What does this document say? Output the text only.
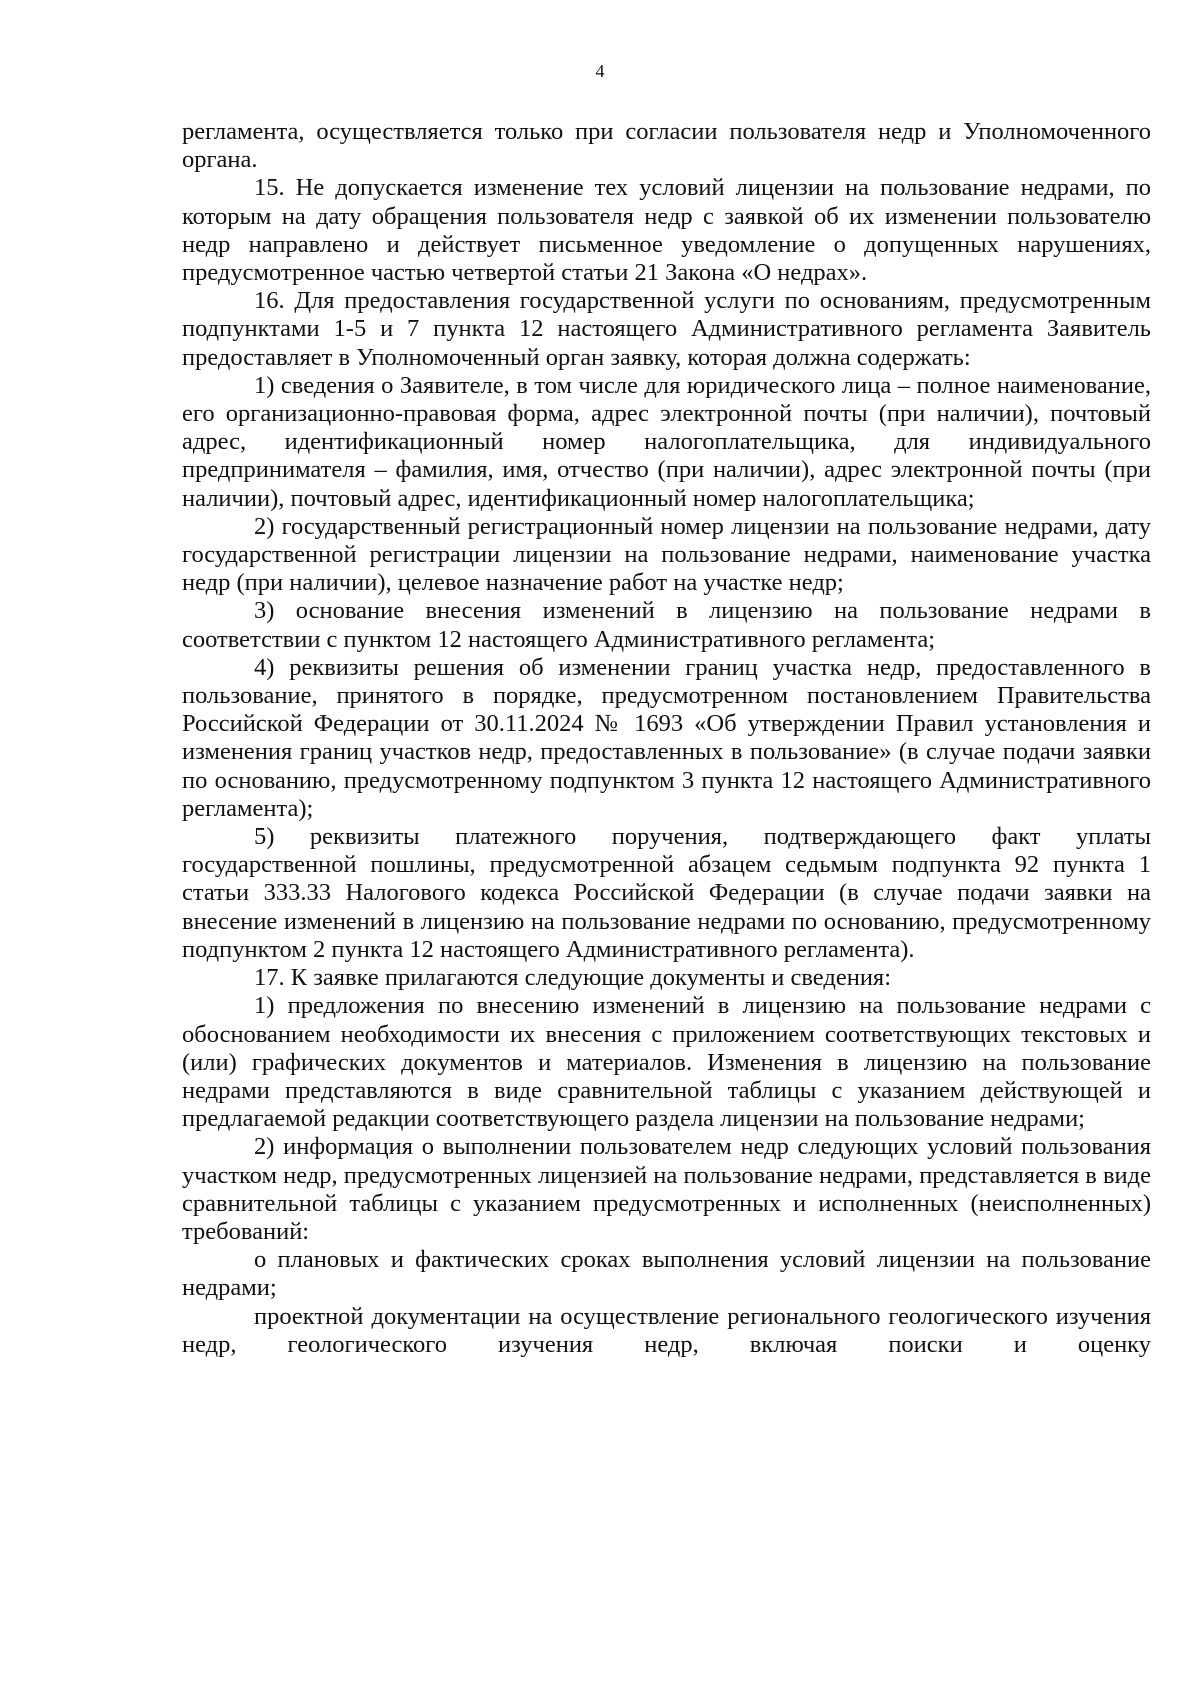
4

регламента, осуществляется только при согласии пользователя недр и Уполномоченного органа.

15. Не допускается изменение тех условий лицензии на пользование недрами, по которым на дату обращения пользователя недр с заявкой об их изменении пользователю недр направлено и действует письменное уведомление о допущенных нарушениях, предусмотренное частью четвертой статьи 21 Закона «О недрах».

16. Для предоставления государственной услуги по основаниям, предусмотренным подпунктами 1-5 и 7 пункта 12 настоящего Административного регламента Заявитель предоставляет в Уполномоченный орган заявку, которая должна содержать:

1) сведения о Заявителе, в том числе для юридического лица – полное наименование, его организационно-правовая форма, адрес электронной почты (при наличии), почтовый адрес, идентификационный номер налогоплательщика, для индивидуального предпринимателя – фамилия, имя, отчество (при наличии), адрес электронной почты (при наличии), почтовый адрес, идентификационный номер налогоплательщика;

2) государственный регистрационный номер лицензии на пользование недрами, дату государственной регистрации лицензии на пользование недрами, наименование участка недр (при наличии), целевое назначение работ на участке недр;

3) основание внесения изменений в лицензию на пользование недрами в соответствии с пунктом 12 настоящего Административного регламента;

4) реквизиты решения об изменении границ участка недр, предоставленного в пользование, принятого в порядке, предусмотренном постановлением Правительства Российской Федерации от 30.11.2024 № 1693 «Об утверждении Правил установления и изменения границ участков недр, предоставленных в пользование» (в случае подачи заявки по основанию, предусмотренному подпунктом 3 пункта 12 настоящего Административного регламента);

5) реквизиты платежного поручения, подтверждающего факт уплаты государственной пошлины, предусмотренной абзацем седьмым подпункта 92 пункта 1 статьи 333.33 Налогового кодекса Российской Федерации (в случае подачи заявки на внесение изменений в лицензию на пользование недрами по основанию, предусмотренному подпунктом 2 пункта 12 настоящего Административного регламента).

17. К заявке прилагаются следующие документы и сведения:

1) предложения по внесению изменений в лицензию на пользование недрами с обоснованием необходимости их внесения с приложением соответствующих текстовых и (или) графических документов и материалов. Изменения в лицензию на пользование недрами представляются в виде сравнительной таблицы с указанием действующей и предлагаемой редакции соответствующего раздела лицензии на пользование недрами;

2) информация о выполнении пользователем недр следующих условий пользования участком недр, предусмотренных лицензией на пользование недрами, представляется в виде сравнительной таблицы с указанием предусмотренных и исполненных (неисполненных) требований:

о плановых и фактических сроках выполнения условий лицензии на пользование недрами;

проектной документации на осуществление регионального геологического изучения недр, геологического изучения недр, включая поиски и оценку
